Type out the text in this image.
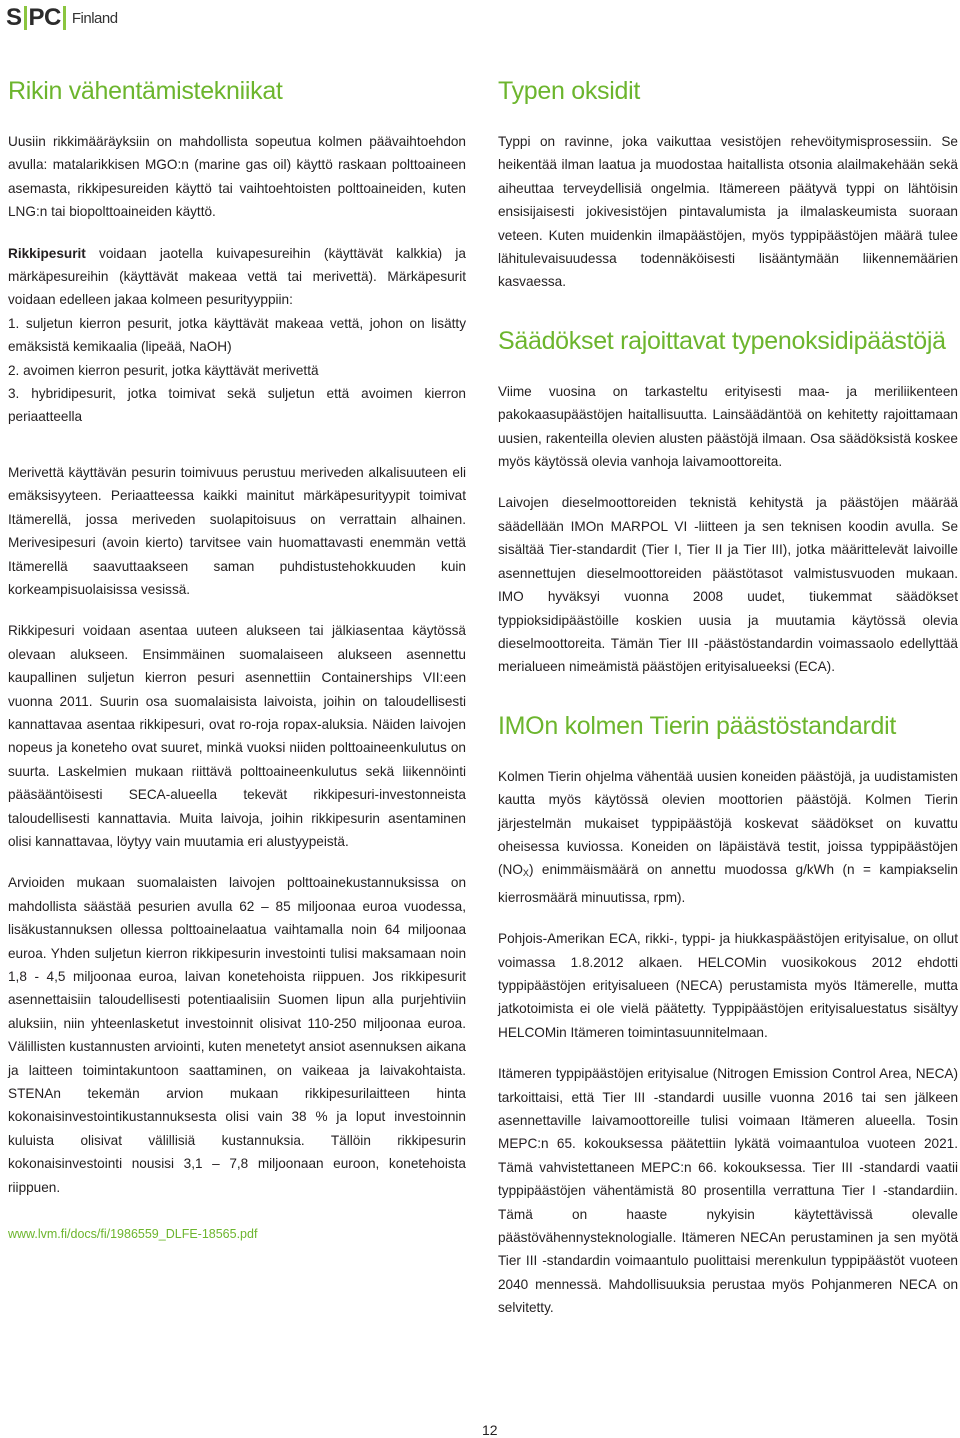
S PC Finland
Rikin vähentämistekniikat

Uusiin rikkimääräyksiin on mahdollista sopeutua kolmen päävaihtoehdon avulla: matalarikkisen MGO:n (marine gas oil) käyttö raskaan polttoaineen asemasta, rikkipesureiden käyttö tai vaihtoehtoisten polttoaineiden, kuten LNG:n tai biopolttoaineiden käyttö.

Rikkipesurit voidaan jaotella kuivapesureihin (käyttävät kalkkia) ja märkäpesureihin (käyttävät makeaa vettä tai merivettä). Märkäpesurit voidaan edelleen jakaa kolmeen pesurityyppiin:

1. suljetun kierron pesurit, jotka käyttävät makeaa vettä, johon on lisätty emäksistä kemikaalia (lipeää, NaOH)

2. avoimen kierron pesurit, jotka käyttävät merivettä

3. hybridipesurit, jotka toimivat sekä suljetun että avoimen kierron periaatteella

Merivettä käyttävän pesurin toimivuus perustuu meriveden alkalisuuteen eli emäksisyyteen. Periaatteessa kaikki mainitut märkäpesurityypit toimivat Itämerellä, jossa meriveden suolapitoisuus on verrattain alhainen. Merivesipesuri (avoin kierto) tarvitsee vain huomattavasti enemmän vettä Itämerellä saavuttaakseen saman puhdistustehokkuuden kuin korkeampisuolaisissa vesissä.

Rikkipesuri voidaan asentaa uuteen alukseen tai jälkiasentaa käytössä olevaan alukseen. Ensimmäinen suomalaiseen alukseen asennettu kaupallinen suljetun kierron pesuri asennettiin Containerships VII:een vuonna 2011. Suurin osa suomalaisista laivoista, joihin on taloudellisesti kannattavaa asentaa rikkipesuri, ovat ro-roja ropax-aluksia. Näiden laivojen nopeus ja koneteho ovat suuret, minkä vuoksi niiden polttoaineenkulutus on suurta. Laskelmien mukaan riittävä polttoaineenkulutus sekä liikennöinti pääsääntöisesti SECA-alueella tekevät rikkipesuri-investonneista taloudellisesti kannattavia. Muita laivoja, joihin rikkipesurin asentaminen olisi kannattavaa, löytyy vain muutamia eri alustyypeistä.

Arvioiden mukaan suomalaisten laivojen polttoainekustannuksissa on mahdollista säästää pesurien avulla 62 – 85 miljoonaa euroa vuodessa, lisäkustannuksen ollessa polttoainelaatua vaihtamalla noin 64 miljoonaa euroa. Yhden suljetun kierron rikkipesurin investointi tulisi maksamaan noin 1,8 - 4,5 miljoonaa euroa, laivan konetehoista riippuen. Jos rikkipesurit asennettaisiin taloudellisesti potentiaalisiin Suomen lipun alla purjehtiviin aluksiin, niin yhteenlasketut investoinnit olisivat 110-250 miljoonaa euroa. Välillisten kustannusten arviointi, kuten menetetyt ansiot asennuksen aikana ja laitteen toimintakuntoon saattaminen, on vaikeaa ja laivakohtaista. STENAn tekemän arvion mukaan rikkipesurilaitteen hinta kokonaisinvestointikustannuksesta olisi vain 38 % ja loput investoinnin kuluista olisivat välillisiä kustannuksia. Tällöin rikkipesurin kokonaisinvestointi nousisi 3,1 – 7,8 miljoonaan euroon, konetehoista riippuen.

www.lvm.fi/docs/fi/1986559_DLFE-18565.pdf

Typen oksidit

Typpi on ravinne, joka vaikuttaa vesistöjen rehevöitymisprosessiin. Se heikentää ilman laatua ja muodostaa haitallista otsonia alailmakehään sekä aiheuttaa terveydellisiä ongelmia. Itämereen päätyvä typpi on lähtöisin ensisijaisesti jokivesistöjen pintavalumista ja ilmalaskeumista suoraan veteen. Kuten muidenkin ilmapäästöjen, myös typpipäästöjen määrä tulee lähitulevaisuudessa todennäköisesti lisääntymään liikennemäärien kasvaessa.

Säädökset rajoittavat typenoksidipäästöjä

Viime vuosina on tarkasteltu erityisesti maa- ja meriliikenteen pakokaasupäästöjen haitallisuutta. Lainsäädäntöä on kehitetty rajoittamaan uusien, rakenteilla olevien alusten päästöjä ilmaan. Osa säädöksistä koskee myös käytössä olevia vanhoja laivamoottoreita.

Laivojen dieselmoottoreiden teknistä kehitystä ja päästöjen määrää säädellään IMOn MARPOL VI -liitteen ja sen teknisen koodin avulla. Se sisältää Tier-standardit (Tier I, Tier II ja Tier III), jotka määrittelevät laivoille asennettujen dieselmoottoreiden päästötasot valmistusvuoden mukaan. IMO hyväksyi vuonna 2008 uudet, tiukemmat säädökset typpioksidipäästöille koskien uusia ja muutamia käytössä olevia dieselmoottoreita. Tämän Tier III -päästöstandardin voimassaolo edellyttää merialueen nimeämistä päästöjen erityisalueeksi (ECA).

IMOn kolmen Tierin päästöstandardit

Kolmen Tierin ohjelma vähentää uusien koneiden päästöjä, ja uudistamisten kautta myös käytössä olevien moottorien päästöjä. Kolmen Tierin järjestelmän mukaiset typpipäästöjä koskevat säädökset on kuvattu oheisessa kuviossa. Koneiden on läpäistävä testit, joissa typpipäästöjen $(NO_X)$ enimmäismäärä on annettu muodossa g/kWh (n = kampiakselin kierrosmäärä minuutissa, rpm).

Pohjois-Amerikan ECA, rikki-, typpi- ja hiukkaspäästöjen erityisalue, on ollut voimassa 1.8.2012 alkaen. HELCOMin vuosikokous 2012 ehdotti typpipäästöjen erityisalueen (NECA) perustamista myös Itämerelle, mutta jatkotoimista ei ole vielä päätetty. Typpipäästöjen erityisaluestatus sisältyy HELCOMin Itämeren toimintasuunnitelmaan.

Itämeren typpipäästöjen erityisalue (Nitrogen Emission Control Area, NECA) tarkoittaisi, että Tier III -standardi uusille vuonna 2016 tai sen jälkeen asennettaville laivamoottoreille tulisi voimaan Itämeren alueella. Tosin MEPC:n 65. kokouksessa päätettiin lykätä voimaantuloa vuoteen 2021. Tämä vahvistettaneen MEPC:n 66. kokouksessa. Tier III -standardi vaatii typpipäästöjen vähentämistä 80 prosentilla verrattuna Tier I -standardiin. Tämä on haaste nykyisin käytettävissä olevalle päästövähennysteknologialle. Itämeren NECAn perustaminen ja sen myötä Tier III -standardin voimaantulo puolittaisi merenkulun typpipäästöt vuoteen 2040 mennessä. Mahdollisuuksia perustaa myös Pohjanmeren NECA on selvitetty.

12
